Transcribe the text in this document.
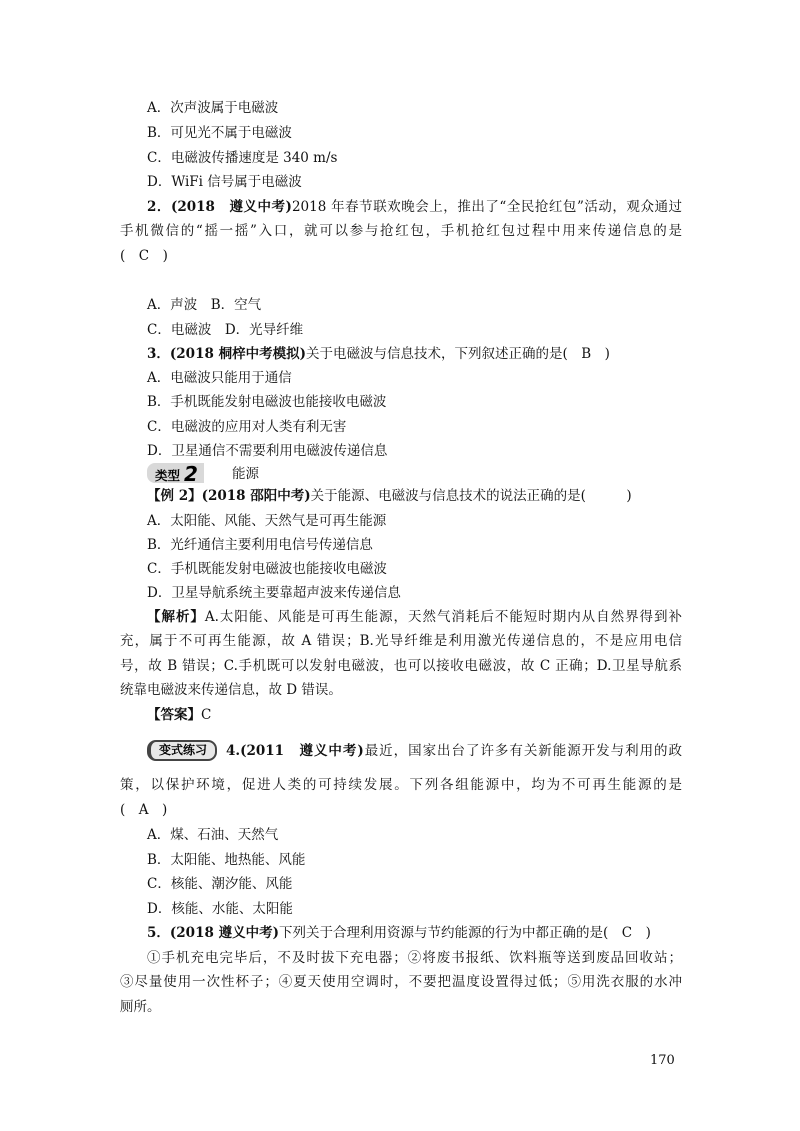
A．次声波属于电磁波
B．可见光不属于电磁波
C．电磁波传播速度是 340 m/s
D．WiFi 信号属于电磁波
2．(2018　遵义中考)2018 年春节联欢晚会上，推出了“全民抢红包”活动，观众通过
手机微信的“摇一摇”入口，就可以参与抢红包，手机抢红包过程中用来传递信息的是
(　C　)
A．声波　B．空气
C．电磁波　D．光导纤维
3．(2018 桐梓中考模拟)关于电磁波与信息技术，下列叙述正确的是(　B　)
A．电磁波只能用于通信
B．手机既能发射电磁波也能接收电磁波
C．电磁波的应用对人类有利无害
D．卫星通信不需要利用电磁波传递信息
类型 2	能源
【例 2】(2018 邵阳中考)关于能源、电磁波与信息技术的说法正确的是(　　　)
A．太阳能、风能、天然气是可再生能源
B．光纤通信主要利用电信号传递信息
C．手机既能发射电磁波也能接收电磁波
D．卫星导航系统主要靠超声波来传递信息
【解析】A.太阳能、风能是可再生能源，天然气消耗后不能短时期内从自然界得到补
充，属于不可再生能源，故 A 错误；B.光导纤维是利用激光传递信息的，不是应用电信
号，故 B 错误；C.手机既可以发射电磁波，也可以接收电磁波，故 C 正确；D.卫星导航系
统靠电磁波来传递信息，故 D 错误。
【答案】C
变式练习	4.(2011　遵义中考)最近，国家出台了许多有关新能源开发与利用的政
策，以保护环境，促进人类的可持续发展。下列各组能源中，均为不可再生能源的是
(　A　)
A．煤、石油、天然气
B．太阳能、地热能、风能
C．核能、潮汐能、风能
D．核能、水能、太阳能
5．(2018 遵义中考)下列关于合理利用资源与节约能源的行为中都正确的是(　C　)
①手机充电完毕后，不及时拔下充电器；②将废书报纸、饮料瓶等送到废品回收站；
③尽量使用一次性杯子；④夏天使用空调时，不要把温度设置得过低；⑤用洗衣服的水冲
厕所。
170
